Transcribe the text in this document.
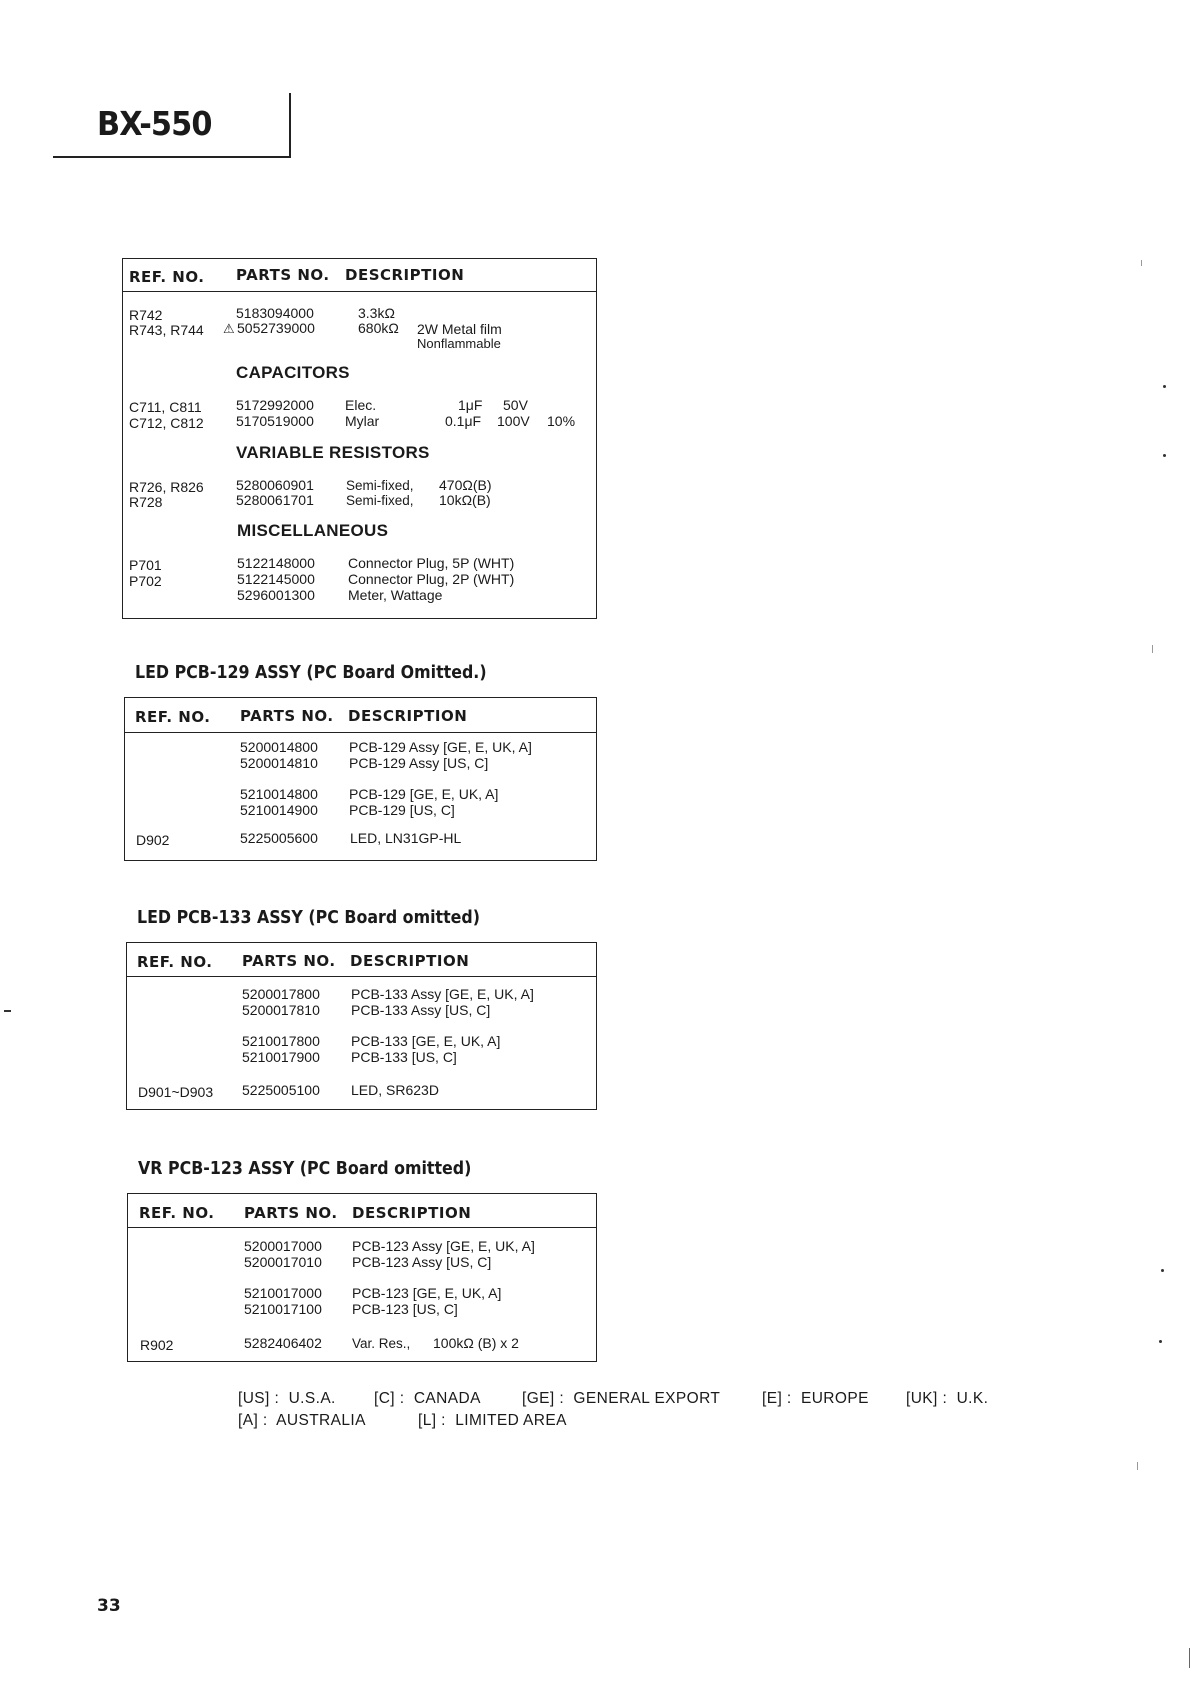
BX-550
REF. NO. PARTS NO. DESCRIPTION
R742	5183094000	3.3kΩ
R743, R744 ⚠ 5052739000	680kΩ 2W Metal film
Nonflammable
CAPACITORS
C711, C811 5172992000 Elec.	1μF 50V
C712, C812 5170519000 Mylar	0.1μF 100V 10%
VARIABLE RESISTORS
R726, R826 5280060901 Semi-fixed, 470Ω(B)
R728	5280061701 Semi-fixed, 10kΩ(B)
MISCELLANEOUS
P701	5122148000 Connector Plug, 5P (WHT)
P702	5122145000 Connector Plug, 2P (WHT)
5296001300 Meter, Wattage
LED PCB-129 ASSY (PC Board Omitted.)
REF. NO. PARTS NO. DESCRIPTION
5200014800 PCB-129 Assy [GE, E, UK, A]
5200014810 PCB-129 Assy [US, C]
5210014800 PCB-129 [GE, E, UK, A]
5210014900 PCB-129 [US, C]
D902	5225005600 LED, LN31GP-HL
LED PCB-133 ASSY (PC Board omitted)
REF. NO. PARTS NO. DESCRIPTION
5200017800 PCB-133 Assy [GE, E, UK, A]
5200017810 PCB-133 Assy [US, C]
5210017800 PCB-133 [GE, E, UK, A]
5210017900 PCB-133 [US, C]
D901~D903 5225005100 LED, SR623D
VR PCB-123 ASSY (PC Board omitted)
REF. NO. PARTS NO. DESCRIPTION
5200017000 PCB-123 Assy [GE, E, UK, A]
5200017010 PCB-123 Assy [US, C]
5210017000 PCB-123 [GE, E, UK, A]
5210017100 PCB-123 [US, C]
R902	5282406402 Var. Res., 100kΩ (B) x 2
[US] :  U.S.A. [C] :  CANADA	[GE] :  GENERAL EXPORT	[E] :  EUROPE [UK] :  U.K.
[A] :  AUSTRALIA	[L] :  LIMITED AREA
33
